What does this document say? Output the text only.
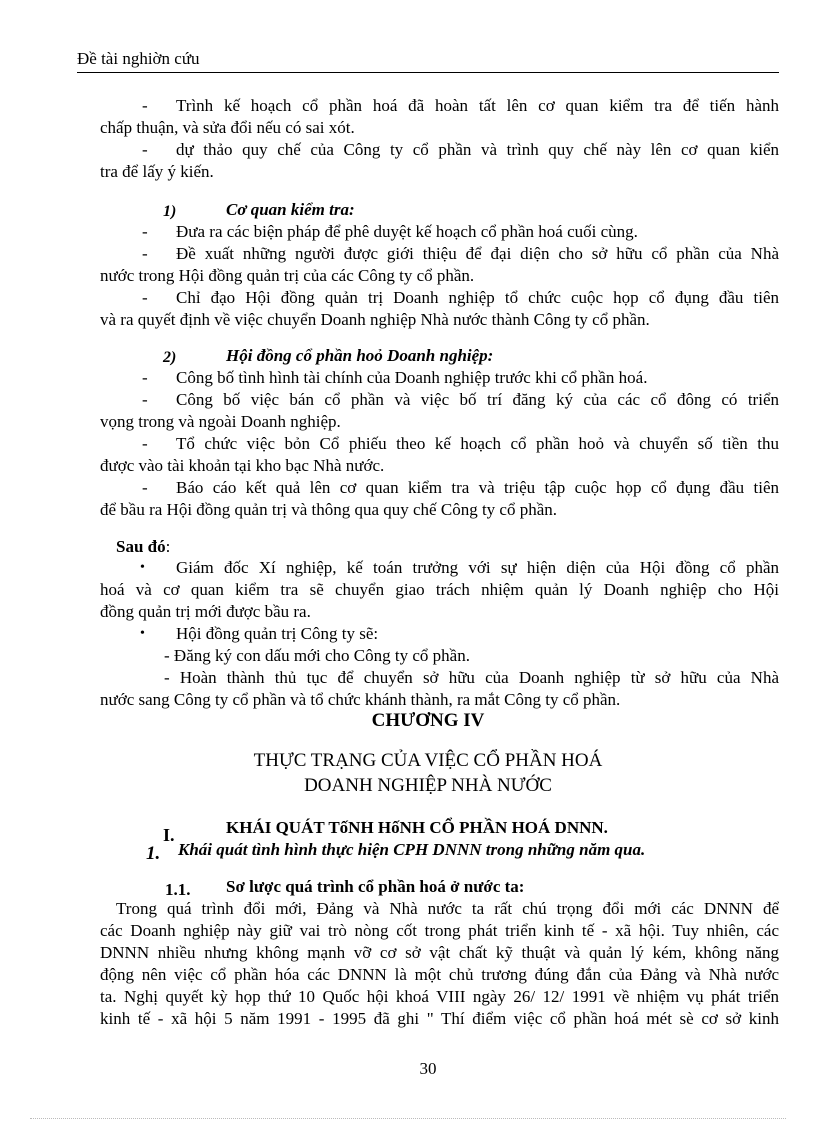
Đề tài nghiờn cứu
- Trình kế hoạch cổ phần hoá đã hoàn tất lên cơ quan kiểm tra để tiến hành
chấp thuận, và sửa đổi nếu có sai xót.
- dự thảo quy chế của Công ty cổ phần và trình quy chế này lên cơ quan kiển
tra để lấy ý kiến.
1)	Cơ quan kiểm tra:
- Đưa ra các biện pháp để phê duyệt kế hoạch cổ phần hoá cuối cùng.
- Đề xuất những người được giới thiệu để đại diện cho sở hữu cổ phần của Nhà
nước trong Hội đồng quản trị của các Công ty cổ phần.
- Chỉ đạo Hội đồng quản trị Doanh nghiệp tổ chức cuộc họp cổ đụng đầu tiên
và ra quyết định về việc chuyển Doanh nghiệp Nhà nước thành Công ty cổ phần.
2)	Hội đồng cổ phần hoỏ Doanh nghiệp:
- Công bố tình hình tài chính của Doanh nghiệp trước khi cổ phần hoá.
- Công bố việc bán cổ phần và việc bố trí đăng ký của các cổ đông có triển
vọng trong và ngoài Doanh nghiệp.
- Tổ chức việc bỏn Cổ phiếu theo kế hoạch cổ phần hoỏ và chuyển số tiền thu
được vào tài khoản tại kho bạc Nhà nước.
- Báo cáo kết quả lên cơ quan kiểm tra và triệu tập cuộc họp cổ đụng đầu tiên
để bầu ra Hội đồng quản trị và thông qua quy chế Công ty cổ phần.
Sau đó:
• Giám đốc Xí nghiệp, kế toán trưởng với sự hiện diện của Hội đồng cổ phần
hoá và cơ quan kiểm tra sẽ chuyển giao trách nhiệm quản lý Doanh nghiệp cho Hội
đồng quản trị mới được bầu ra.
• Hội đồng quản trị Công ty sẽ:
- Đăng ký con dấu mới cho Công ty cổ phần.
- Hoàn thành thủ tục để chuyển sở hữu của Doanh nghiệp từ sở hữu của Nhà
nước sang Công ty cổ phần và tổ chức khánh thành, ra mắt Công ty cổ phần.
CHƯƠNG IV
THỰC TRẠNG CỦA VIỆC CỔ PHẦN HOÁ
DOANH NGHIỆP NHÀ NƯỚC
I.	KHÁI QUÁT TốNH HốNH CỔ PHẦN HOÁ DNNN.
1. Khái quát tình hình thực hiện CPH DNNN trong những năm qua.
1.1. Sơ lược quá trình cổ phần hoá ở nước ta:
Trong quá trình đổi mới, Đảng và Nhà nước ta rất chú trọng đổi mới các DNNN để
các Doanh nghiệp này giữ vai trò nòng cốt trong phát triển kinh tế - xã hội. Tuy nhiên, các
DNNN nhiều nhưng không mạnh vỡ cơ sở vật chất kỹ thuật và quản lý kém, không năng
động nên việc cổ phần hóa các DNNN là một chủ trương đúng đắn của Đảng và Nhà nước
ta. Nghị quyết kỳ họp thứ 10 Quốc hội khoá VIII ngày 26/ 12/ 1991 về nhiệm vụ phát triển
kinh tế - xã hội 5 năm 1991 - 1995 đã ghi " Thí điểm việc cổ phần hoá mét sè cơ sở kinh
30
